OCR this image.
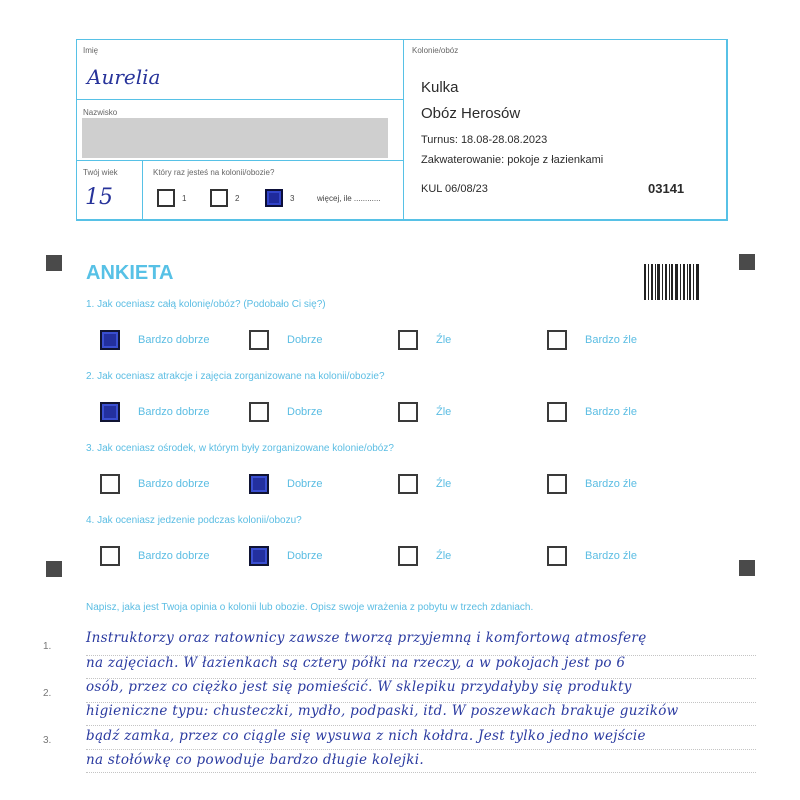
Imię
Aurelia
Nazwisko
Twój wiek
15
Który raz jesteś na kolonii/obozie?
1	2	3	więcej, ile ............
Kolonie/obóz
Kulka
Obóz Herosów
Turnus: 18.08-28.08.2023
Zakwaterowanie: pokoje z łazienkami
KUL 06/08/23	03141
ANKIETA
1. Jak oceniasz całą kolonię/obóz? (Podobało Ci się?)
Bardzo dobrze	Dobrze	Źle	Bardzo źle
2. Jak oceniasz atrakcje i zajęcia zorganizowane na kolonii/obozie?
Bardzo dobrze	Dobrze	Źle	Bardzo źle
3. Jak oceniasz ośrodek, w którym były zorganizowane kolonie/obóz?
Bardzo dobrze	Dobrze	Źle	Bardzo źle
4. Jak oceniasz jedzenie podczas kolonii/obozu?
Bardzo dobrze	Dobrze	Źle	Bardzo źle
Napisz, jaka jest Twoja opinia o kolonii lub obozie. Opisz swoje wrażenia z pobytu w trzech zdaniach.
1.
2.
3.
Instruktorzy oraz ratownicy zawsze tworzą przyjemną i komfortową atmosferę
na zajęciach. W łazienkach są cztery półki na rzeczy, a w pokojach jest po 6
osób, przez co ciężko jest się pomieścić. W sklepiku przydałyby się produkty
higieniczne typu: chusteczki, mydło, podpaski, itd. W poszewkach brakuje guzików
bądź zamka, przez co ciągle się wysuwa z nich kołdra. Jest tylko jedno wejście
na stołówkę co powoduje bardzo długie kolejki.
